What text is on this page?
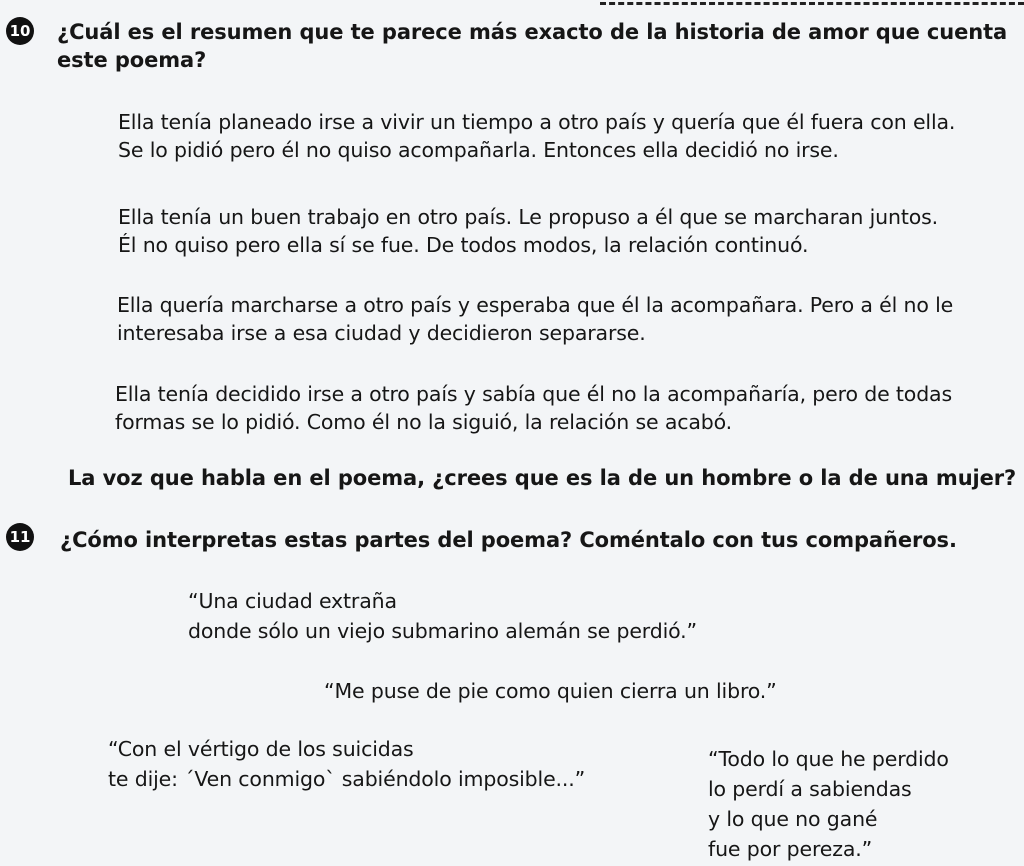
10 ¿Cuál es el resumen que te parece más exacto de la historia de amor que cuenta
este poema?
Ella tenía planeado irse a vivir un tiempo a otro país y quería que él fuera con ella.
Se lo pidió pero él no quiso acompañarla. Entonces ella decidió no irse.
Ella tenía un buen trabajo en otro país. Le propuso a él que se marcharan juntos.
Él no quiso pero ella sí se fue. De todos modos, la relación continuó.
Ella quería marcharse a otro país y esperaba que él la acompañara. Pero a él no le
interesaba irse a esa ciudad y decidieron separarse.
Ella tenía decidido irse a otro país y sabía que él no la acompañaría, pero de todas
formas se lo pidió. Como él no la siguió, la relación se acabó.
La voz que habla en el poema, ¿crees que es la de un hombre o la de una mujer?
11 ¿Cómo interpretas estas partes del poema? Coméntalo con tus compañeros.
“Una ciudad extraña
donde sólo un viejo submarino alemán se perdió.”
“Me puse de pie como quien cierra un libro.”
“Con el vértigo de los suicidas
te dije: ´Ven conmigo` sabiéndolo imposible...”
“Todo lo que he perdido
lo perdí a sabiendas
y lo que no gané
fue por pereza.”
